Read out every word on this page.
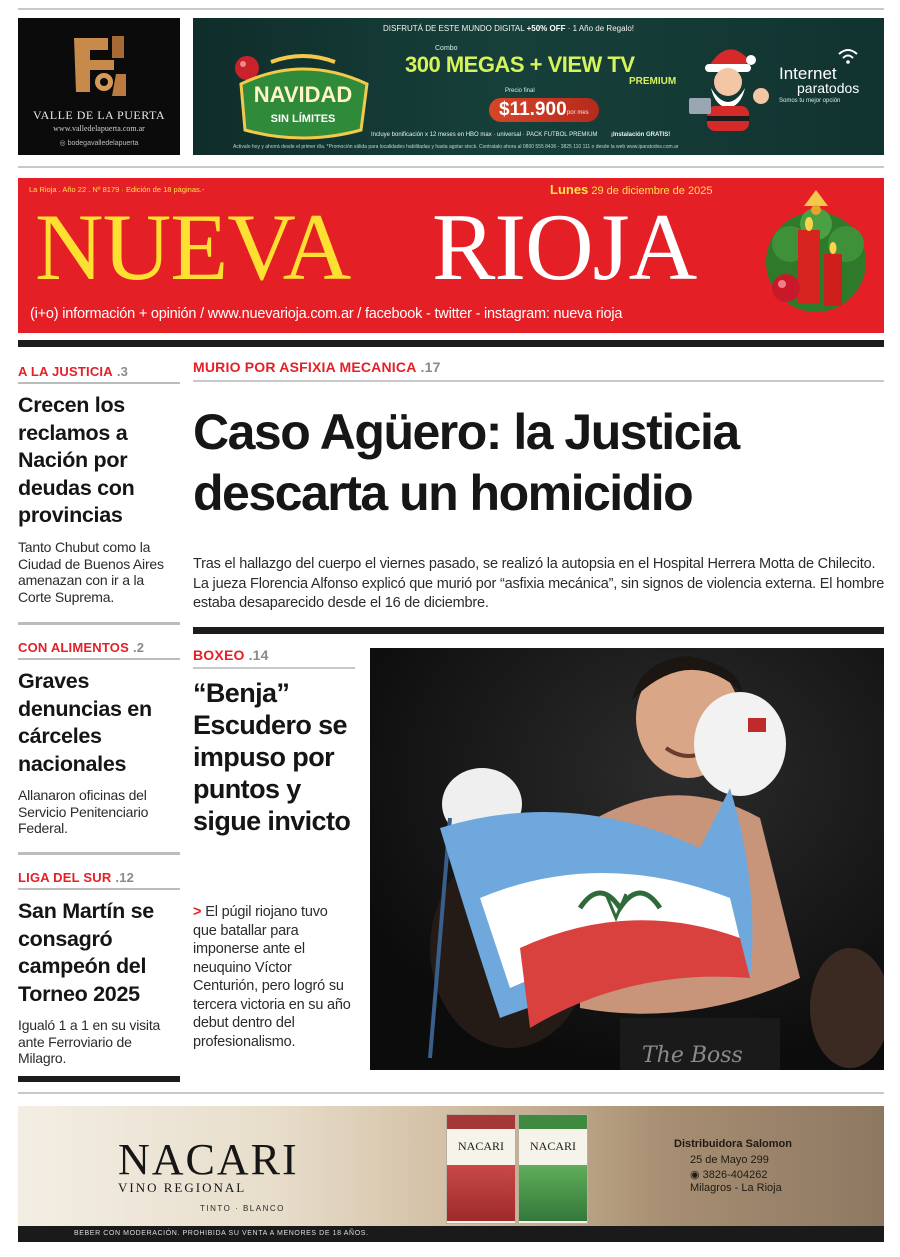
VALLE DE LA PUERTA
www.valledelapuerta.com.ar
◎ bodegavalledelapuerta
DISFRUTÁ DE ESTE MUNDO DIGITAL +50% OFF · 1 Año de Regalo!
NAVIDAD
SIN LÍMITES
Combo
300 MEGAS + VIEW TV
PREMIUM
Precio final
$11.900 por mes
Incluye bonificación x 12 meses en HBO max · universal · PACK FUTBOL PREMIUM ¡Instalación GRATIS!
Activalo hoy y ahorrá desde el primer día. *Promoción válida para localidades habilitadas y hasta agotar stock. Contratalo ahora al 0800 555 8436 - 3825 110 111 o desde la web www.iparatodos.com.ar
Internet
paratodos
Somos tu mejor opción
La Rioja . Año 22 . Nº 8179 · Edición de 18 páginas.-	Lunes 29 de diciembre de 2025
NUEVA RIOJA
(i+o) información + opinión / www.nuevarioja.com.ar / facebook - twitter - instagram: nueva rioja
MURIO POR ASFIXIA MECANICA .17
A LA JUSTICIA .3
Crecen los reclamos a Nación por deudas con provincias
Tanto Chubut como la Ciudad de Buenos Aires amenazan con ir a la Corte Suprema.
CON ALIMENTOS .2
Graves denuncias en cárceles nacionales
Allanaron oficinas del Servicio Penitenciario Federal.
LIGA DEL SUR .12
San Martín se consagró campeón del Torneo 2025
Igualó 1 a 1 en su visita ante Ferroviario de Milagro.
Caso Agüero: la Justicia descarta un homicidio
Tras el hallazgo del cuerpo el viernes pasado, se realizó la autopsia en el Hospital Herrera Motta de Chilecito. La jueza Florencia Alfonso explicó que murió por “asfixia mecánica”, sin signos de violencia externa. El hombre estaba desaparecido desde el 16 de diciembre.
BOXEO .14
“Benja” Escudero se impuso por puntos y sigue invicto
> El púgil riojano tuvo que batallar para imponerse ante el neuquino Víctor Centurión, pero logró su tercera victoria en su año debut dentro del profesionalismo.
The Boss
NACARI
VINO REGIONAL
TINTO · BLANCO
NACARI	NACARI	Distribuidora Salomon
25 de Mayo 299
◉ 3826-404262
Milagros - La Rioja
BEBER CON MODERACIÓN. PROHIBIDA SU VENTA A MENORES DE 18 AÑOS.
